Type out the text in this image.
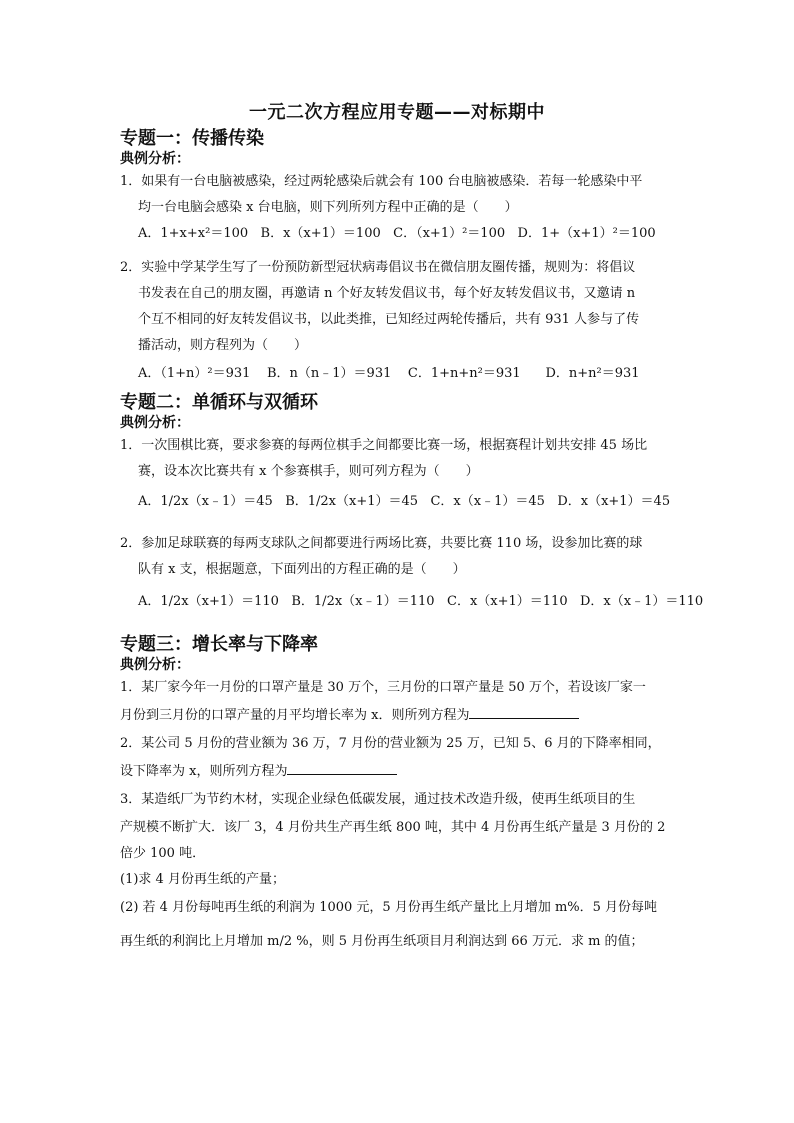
一元二次方程应用专题——对标期中
专题一：传播传染
典例分析：
1．如果有一台电脑被感染，经过两轮感染后就会有 100 台电脑被感染．若每一轮感染中平
均一台电脑会感染 x 台电脑，则下列所列方程中正确的是（　　）
A．1+x+x²＝100 B．x（x+1）＝100 C．（x+1）²＝100 D．1+（x+1）²＝100
2．实验中学某学生写了一份预防新型冠状病毒倡议书在微信朋友圈传播，规则为：将倡议
书发表在自己的朋友圈，再邀请 n 个好友转发倡议书，每个好友转发倡议书，又邀请 n
个互不相同的好友转发倡议书，以此类推，已知经过两轮传播后，共有 931 人参与了传
播活动，则方程列为（　　）
A．（1+n）²＝931 B．n（n﹣1）＝931 C．1+n+n²＝931 D．n+n²＝931
专题二：单循环与双循环
典例分析：
1．一次围棋比赛，要求参赛的每两位棋手之间都要比赛一场，根据赛程计划共安排 45 场比
赛，设本次比赛共有 x 个参赛棋手，则可列方程为（　　）
A．1/2x（x﹣1）＝45 B．1/2x（x+1）＝45 C．x（x﹣1）＝45 D．x（x+1）＝45
2．参加足球联赛的每两支球队之间都要进行两场比赛，共要比赛 110 场，设参加比赛的球
队有 x 支，根据题意，下面列出的方程正确的是（　　）
A．1/2x（x+1）＝110 B．1/2x（x﹣1）＝110 C．x（x+1）＝110 D．x（x﹣1）＝110
专题三：增长率与下降率
典例分析：
1．某厂家今年一月份的口罩产量是 30 万个，三月份的口罩产量是 50 万个，若设该厂家一
月份到三月份的口罩产量的月平均增长率为 x．则所列方程为
2．某公司 5 月份的营业额为 36 万，7 月份的营业额为 25 万，已知 5、6 月的下降率相同，
设下降率为 x，则所列方程为
3．某造纸厂为节约木材，实现企业绿色低碳发展，通过技术改造升级，使再生纸项目的生
产规模不断扩大．该厂 3，4 月份共生产再生纸 800 吨，其中 4 月份再生纸产量是 3 月份的 2
倍少 100 吨．
(1)求 4 月份再生纸的产量；
(2) 若 4 月份每吨再生纸的利润为 1000 元，5 月份再生纸产量比上月增加 m%．5 月份每吨
再生纸的利润比上月增加 m/2 %，则 5 月份再生纸项目月利润达到 66 万元．求 m 的值；
